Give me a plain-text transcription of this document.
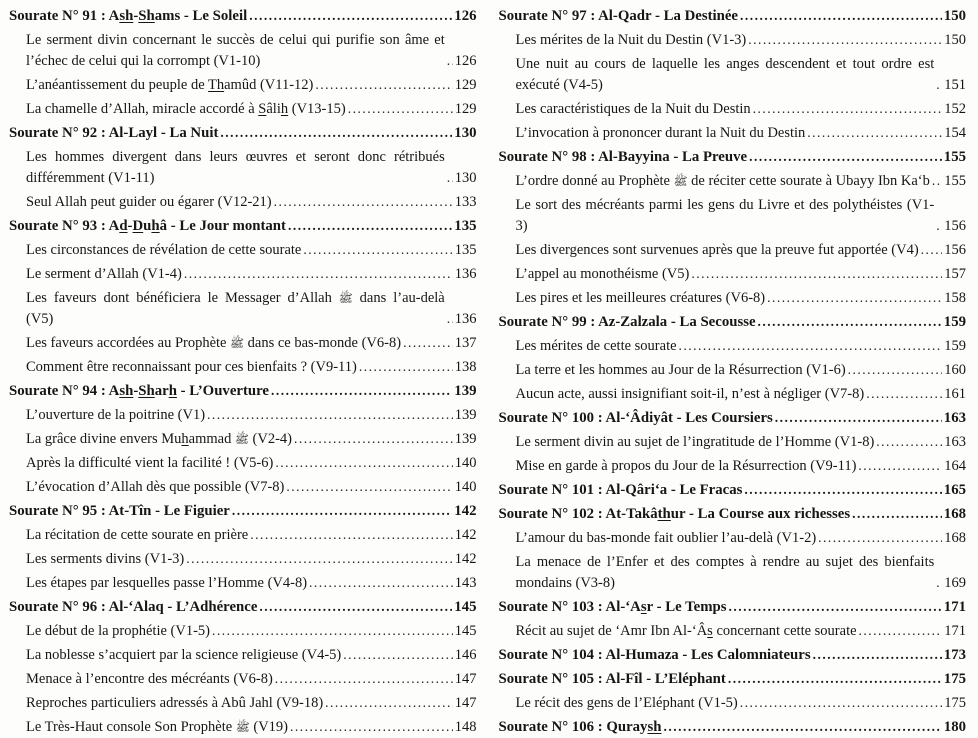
Sourate N° 91 : Ash-Shams - Le Soleil .....	126
Le serment divin concernant le succès de celui qui purifie son âme et l’échec de celui qui la corrompt (V1-10) .....	126
L’anéantissement du peuple de Thamûd (V11-12) .....	129
La chamelle d’Allah, miracle accordé à Sâlih (V13-15) .....	129
Sourate N° 92 : Al-Layl - La Nuit .....	130
Les hommes divergent dans leurs œuvres et seront donc rétribués différemment (V1-11) .....	130
Seul Allah peut guider ou égarer (V12-21) .....	133
Sourate N° 93 : Ad-Duhâ - Le Jour montant .....	135
Les circonstances de révélation de cette sourate .....	135
Le serment d’Allah (V1-4) .....	136
Les faveurs dont bénéficiera le Messager d’Allah ﷺ dans l’au-delà (V5) .....	136
Les faveurs accordées au Prophète ﷺ dans ce bas-monde (V6-8) .....	137
Comment être reconnaissant pour ces bienfaits ? (V9-11) .....	138
Sourate N° 94 : Ash-Sharh - L’Ouverture .....	139
L’ouverture de la poitrine (V1) .....	139
La grâce divine envers Muhammad ﷺ (V2-4) .....	139
Après la difficulté vient la facilité ! (V5-6) .....	140
L’évocation d’Allah dès que possible (V7-8) .....	140
Sourate N° 95 : At-Tîn - Le Figuier .....	142
La récitation de cette sourate en prière .....	142
Les serments divins (V1-3) .....	142
Les étapes par lesquelles passe l’Homme (V4-8) .....	143
Sourate N° 96 : Al-‘Alaq - L’Adhérence .....	145
Le début de la prophétie (V1-5) .....	145
La noblesse s’acquiert par la science religieuse (V4-5) .....	146
Menace à l’encontre des mécréants (V6-8) .....	147
Reproches particuliers adressés à Abû Jahl (V9-18) .....	147
Le Très-Haut console Son Prophète ﷺ (V19) .....	148
Sourate N° 97 : Al-Qadr - La Destinée .....	150
Les mérites de la Nuit du Destin (V1-3) .....	150
Une nuit au cours de laquelle les anges descendent et tout ordre est exécuté (V4-5) .....	151
Les caractéristiques de la Nuit du Destin .....	152
L’invocation à prononcer durant la Nuit du Destin .....	154
Sourate N° 98 : Al-Bayyina - La Preuve .....	155
L’ordre donné au Prophète ﷺ de réciter cette sourate à Ubayy Ibn Ka‘b ..... 155
Le sort des mécréants parmi les gens du Livre et des polythéistes (V1-3) .....	156
Les divergences sont survenues après que la preuve fut apportée (V4) ..... 156
L’appel au monothéisme (V5) .....	157
Les pires et les meilleures créatures (V6-8) .....	158
Sourate N° 99 : Az-Zalzala - La Secousse .....	159
Les mérites de cette sourate .....	159
La terre et les hommes au Jour de la Résurrection (V1-6) .....	160
Aucun acte, aussi insignifiant soit-il, n’est à négliger (V7-8) .....	161
Sourate N° 100 : Al-‘Âdiyât - Les Coursiers .....	163
Le serment divin au sujet de l’ingratitude de l’Homme (V1-8) .....	163
Mise en garde à propos du Jour de la Résurrection (V9-11) .....	164
Sourate N° 101 : Al-Qâri‘a - Le Fracas .....	165
Sourate N° 102 : At-Takâthur - La Course aux richesses .....	168
L’amour du bas-monde fait oublier l’au-delà (V1-2) .....	168
La menace de l’Enfer et des comptes à rendre au sujet des bienfaits mondains (V3-8) .....	169
Sourate N° 103 : Al-‘Asr - Le Temps .....	171
Récit au sujet de ‘Amr Ibn Al-‘Âs concernant cette sourate .....	171
Sourate N° 104 : Al-Humaza - Les Calomniateurs .....	173
Sourate N° 105 : Al-Fîl - L’Eléphant .....	175
Le récit des gens de l’Eléphant (V1-5) .....	175
Sourate N° 106 : Quraysh .....	180
